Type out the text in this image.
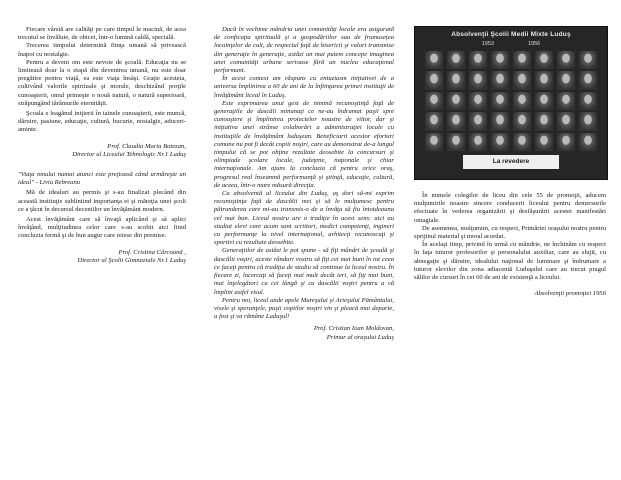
Fiecare vârstă are calităţi pe care timpul le macină, de acea trecutul se învăluie, de obicei, într-o lumină caldă, specială.

Trecerea timpului determină fiinţa umană să privească înapoi cu nostalgie.

Pentru a deveni om este nevoie de şcoală. Educaţia nu se limitează doar la o etapă din devenirea umană, nu este doar pregătire pentru viaţă, ea este viaţa însăşi. Graţie acesteia, cultivând valorile spirituale şi morale, deschizând porţile cunoaşterii, omul primeşte o nouă natură, o natură superioară, străpungând tărâmurile eternităţii.

Şcoala e leagănul iniţierii în tainele cunoaşterii, este muncă, dăruire, pasiune, educaţie, cultură, bucurie, nostalgie, aduceri-aminte.

Prof. Claudia Maria Botezan,
Director al Liceului Tehnologic Nr.1 Luduş

"Viaţa omului numai atunci este preţioasă când urmăreşte un ideal" - Liviu Rebreanu

Mă de idealuri au permis şi s-au finalizat plecând din această instituţie subliniind importanţa ei şi măreţia unei şcoli ce a ţâcut în decursul deceniilor un învăţământ modern.

Acest învăţământ care să învaţă aplicând şi să aplici învăţând, mulţitudinea celor care s-au scobit aici fiind concluzia fermă şi de bun augur care reiese din premise.

Prof. Cristina Cârcoană ,
Director al Şcolii Gimnaziale Nr.1 Luduş

Dacă în vechime mândria unei comunităţi locale era asigurată de conficaţia spirituală şi a gospodăriilor sau de frumuseţea locuinţelor de cult, de respectul faţă de bisericii şi valori transmise din generaţie în generaţie, astăzi un mai putem concepe imaginea unei comunităţi urbane serioase fără un nucleu educaţional performant.

În acest context am răspuns cu entuziasm iniţiativei de a aniversa împlinirea a 60 de ani de la înfiinţarea primei instituţii de învăţământ liceal în Luduş.

Este exprimarea unui gest de nimină recunoştinţă faţă de generaţiile de dascăli minunaţi ce ne-au îndrumat paşii spre cunoaştere şi împlinirea proiectelor noastre de viitor, dar şi iniţiativa unei strânse colaborări a administraţiei locale cu instituţiile de învăţământ luduşean. Beneficiarii acestor eforturi comune nu pot fi decât copiii noştri, care au demonstrat de-a lungul timpului că se pot obţine rezultate deosebite la concursuri şi olimpiade şcolare locale, judeţene, naţionale şi chiar internaţionale. Am ajuns la concluzia că pentru orice oraş, progresul real înseamnă performanţă şi ştiinţă, educaţie, cultură, de aceea, într-o mare măsură direcţia.

Ca absolventă al liceului din Luduş, aş dori să-mi exprim recunoştinţa faţă de dascălii mei şi să le mulţumesc pentru pătrunderea care mi-au transmis-o de a învăţa să fiu întotdeauna cel mai bun. Liceul nostru are o tradiţie în acest sens: aici au studiat elevi care acum sunt scriitori, medici competenţi, ingineri cu performanţe la nivel internaţional, arhitecţi recunoscuţi şi sportivi cu rezultate deosebite.

Generaţiilor de astăzi le pot spune - să fiţi mândri de şcoală şi dascălii voştri, aceste rânduri vostru să fiţi cei mai buni în tot ceea ce faceţi pentru că tradiţia de studiu să continue la liceul nostru. În fiecare zi, încercaţi să faceţi mai mult decât ieri, să fiţi mai buni, mai înţelegători cu cei lângă şi cu dascălii voştri pentru a vă împlini astfel visul.

Pentru noi, liceul unde apele Mureşului şi Arieşului Pământului, visele şi speranţele, paşii copiilor noştri vin şi pleacă mai departe, a fost şi va rămâne Luduşul!

Prof. Cristian Ioan Moldovan,
Primar al oraşului Luduş
Absolvenţii Şcolii Medii Mixte Luduş
1953	1956
La revedere

În numele colegilor de liceu din cele 55 de promoţii, aducem mulţumirile noastre sincere conducerii liceului pentru demersurile efectuate în vederea organizării şi desfăşurării acestei manifestări omagiale.

De asemenea, mulţumim, cu respect, Primăriei oraşului nostru pentru sprijinul material şi moral acordat.

În acelaşi timp, privind în urmă cu mândrie, ne închinăm cu respect în faţa tuturor profesorilor şi personalului auxiliar, care au slujit, cu abnegaţie şi dăruire, idealului naţional de luminare şi îndrumare a tuturor elevilor din zona adiacentă Luduşului care au trecut pragul sălilor de cursuri în cei 60 de ani de existenţă a liceului.

Absolvenţii promoţiei 1956
